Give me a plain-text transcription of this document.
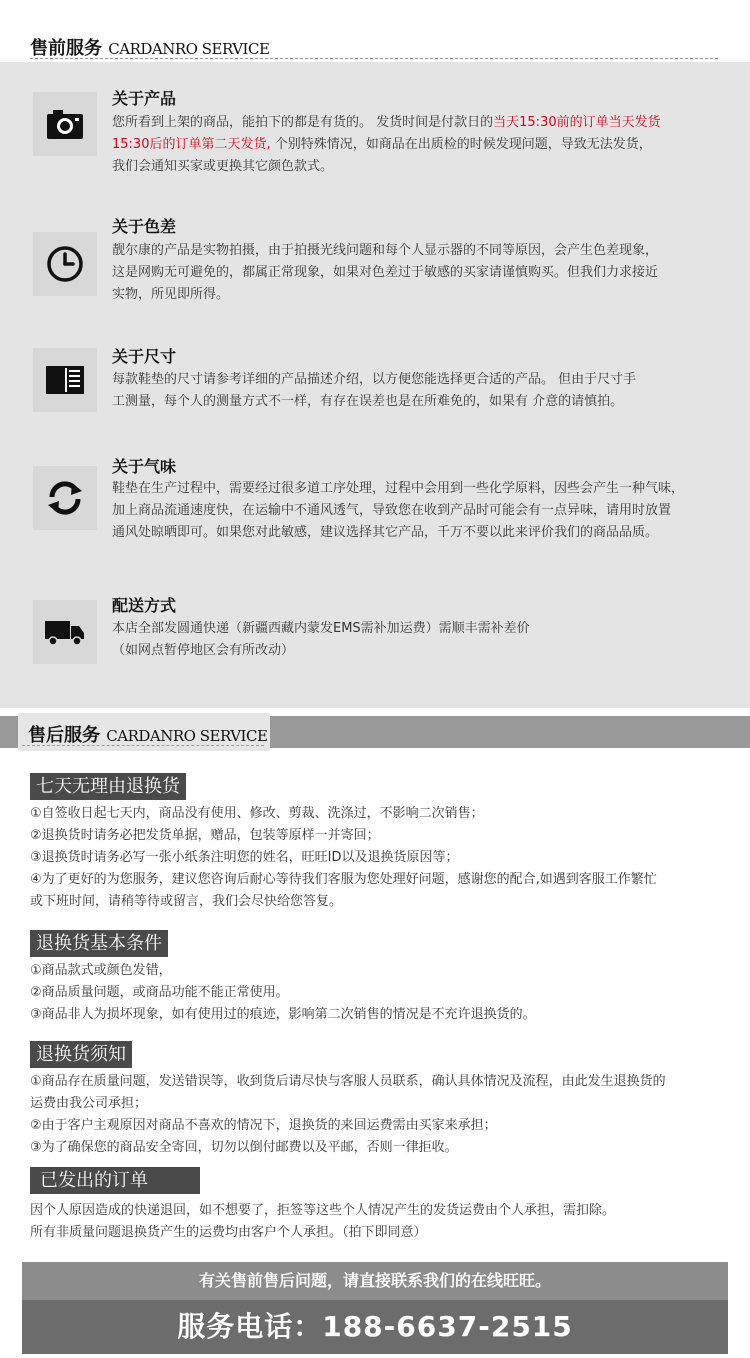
售前服务 CARDANRO SERVICE
关于产品
您所看到上架的商品，能拍下的都是有货的。 发货时间是付款日的当天15:30前的订单当天发货
15:30后的订单第二天发货, 个别特殊情况，如商品在出质检的时候发现问题，导致无法发货，
我们会通知买家或更换其它颜色款式。
关于色差
靓尔康的产品是实物拍摄，由于拍摄光线问题和每个人显示器的不同等原因，会产生色差现象，
这是网购无可避免的，都属正常现象，如果对色差过于敏感的买家请谨慎购买。但我们力求接近
实物，所见即所得。
关于尺寸
每款鞋垫的尺寸请参考详细的产品描述介绍，以方便您能选择更合适的产品。 但由于尺寸手
工测量，每个人的测量方式不一样，有存在误差也是在所难免的，如果有 介意的请慎拍。
关于气味
鞋垫在生产过程中，需要经过很多道工序处理，过程中会用到一些化学原料，因些会产生一种气味，
加上商品流通速度快，在运输中不通风透气，导致您在收到产品时可能会有一点异味，请用时放置
通风处晾晒即可。如果您对此敏感，建议选择其它产品，千万不要以此来评价我们的商品品质。
配送方式
本店全部发圆通快递（新疆西藏内蒙发EMS需补加运费）需顺丰需补差价
（如网点暂停地区会有所改动）
售后服务 CARDANRO SERVICE
七天无理由退换货
①自签收日起七天内，商品没有使用、修改、剪裁、洗涤过，不影响二次销售；
②退换货时请务必把发货单据，赠品，包装等原样一并寄回；
③退换货时请务必写一张小纸条注明您的姓名，旺旺ID以及退换货原因等；
④为了更好的为您服务，建议您咨询后耐心等待我们客服为您处理好问题，感谢您的配合,如遇到客服工作繁忙
或下班时间，请稍等待或留言，我们会尽快给您答复。
退换货基本条件
①商品款式或颜色发错，
②商品质量问题，或商品功能不能正常使用。
③商品非人为损坏现象，如有使用过的痕迹，影响第二次销售的情况是不充许退换货的。
退换货须知
①商品存在质量问题，发送错误等，收到货后请尽快与客服人员联系，确认具体情况及流程，由此发生退换货的
运费由我公司承担；
②由于客户主观原因对商品不喜欢的情况下，退换货的来回运费需由买家来承担；
③为了确保您的商品安全寄回，切勿以倒付邮费以及平邮，否则一律拒收。
已发出的订单
因个人原因造成的快递退回，如不想要了，拒签等这些个人情况产生的发货运费由个人承担，需扣除。
所有非质量问题退换货产生的运费均由客户个人承担。（拍下即同意）
有关售前售后问题，请直接联系我们的在线旺旺。
服务电话：188-6637-2515
